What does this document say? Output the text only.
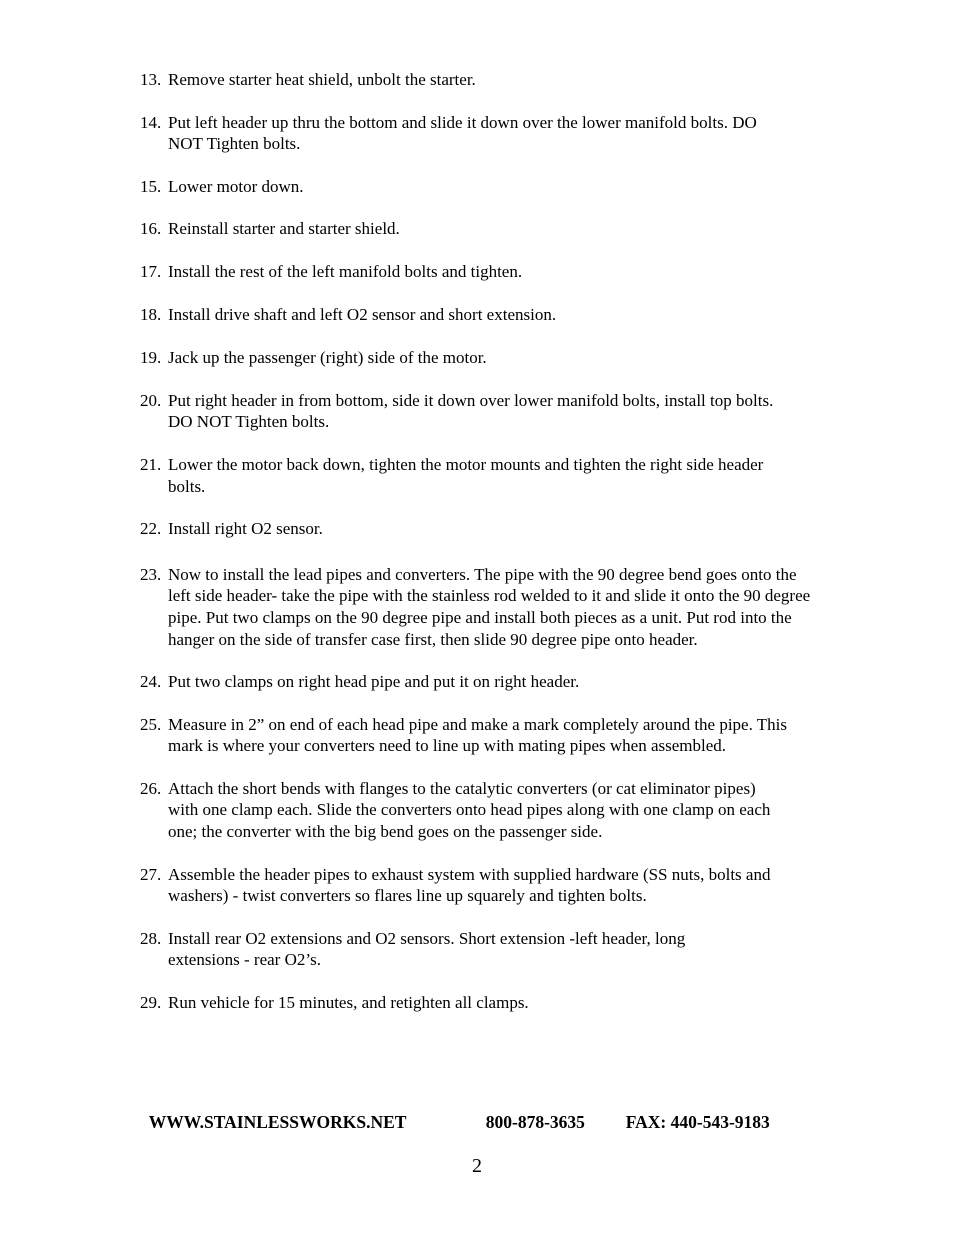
13. Remove starter heat shield, unbolt the starter.
14. Put left header up thru the bottom and slide it down over the lower manifold bolts. DO NOT Tighten bolts.
15. Lower motor down.
16. Reinstall starter and starter shield.
17. Install the rest of the left manifold bolts and tighten.
18. Install drive shaft and left O2 sensor and short extension.
19. Jack up the passenger (right) side of the motor.
20. Put right header in from bottom, side it down over lower manifold bolts, install top bolts. DO NOT Tighten bolts.
21. Lower the motor back down, tighten the motor mounts and tighten the right side header bolts.
22. Install right O2 sensor.
23. Now to install the lead pipes and converters. The pipe with the 90 degree bend goes onto the left side header- take the pipe with the stainless rod welded to it and slide it onto the 90 degree pipe. Put two clamps on the 90 degree pipe and install both pieces as a unit. Put rod into the hanger on the side of transfer case first, then slide 90 degree pipe onto header.
24. Put two clamps on right head pipe and put it on right header.
25. Measure in 2” on end of each head pipe and make a mark completely around the pipe. This mark is where your converters need to line up with mating pipes when assembled.
26. Attach the short bends with flanges to the catalytic converters (or cat eliminator pipes) with one clamp each. Slide the converters onto head pipes along with one clamp on each one; the converter with the big bend goes on the passenger side.
27. Assemble the header pipes to exhaust system with supplied hardware (SS nuts, bolts and washers) - twist converters so flares line up squarely and tighten bolts.
28. Install rear O2 extensions and O2 sensors. Short extension -left header, long extensions - rear O2’s.
29. Run vehicle for 15 minutes, and retighten all clamps.

WWW.STAINLESSWORKS.NET	800-878-3635 FAX: 440-543-9183

2
